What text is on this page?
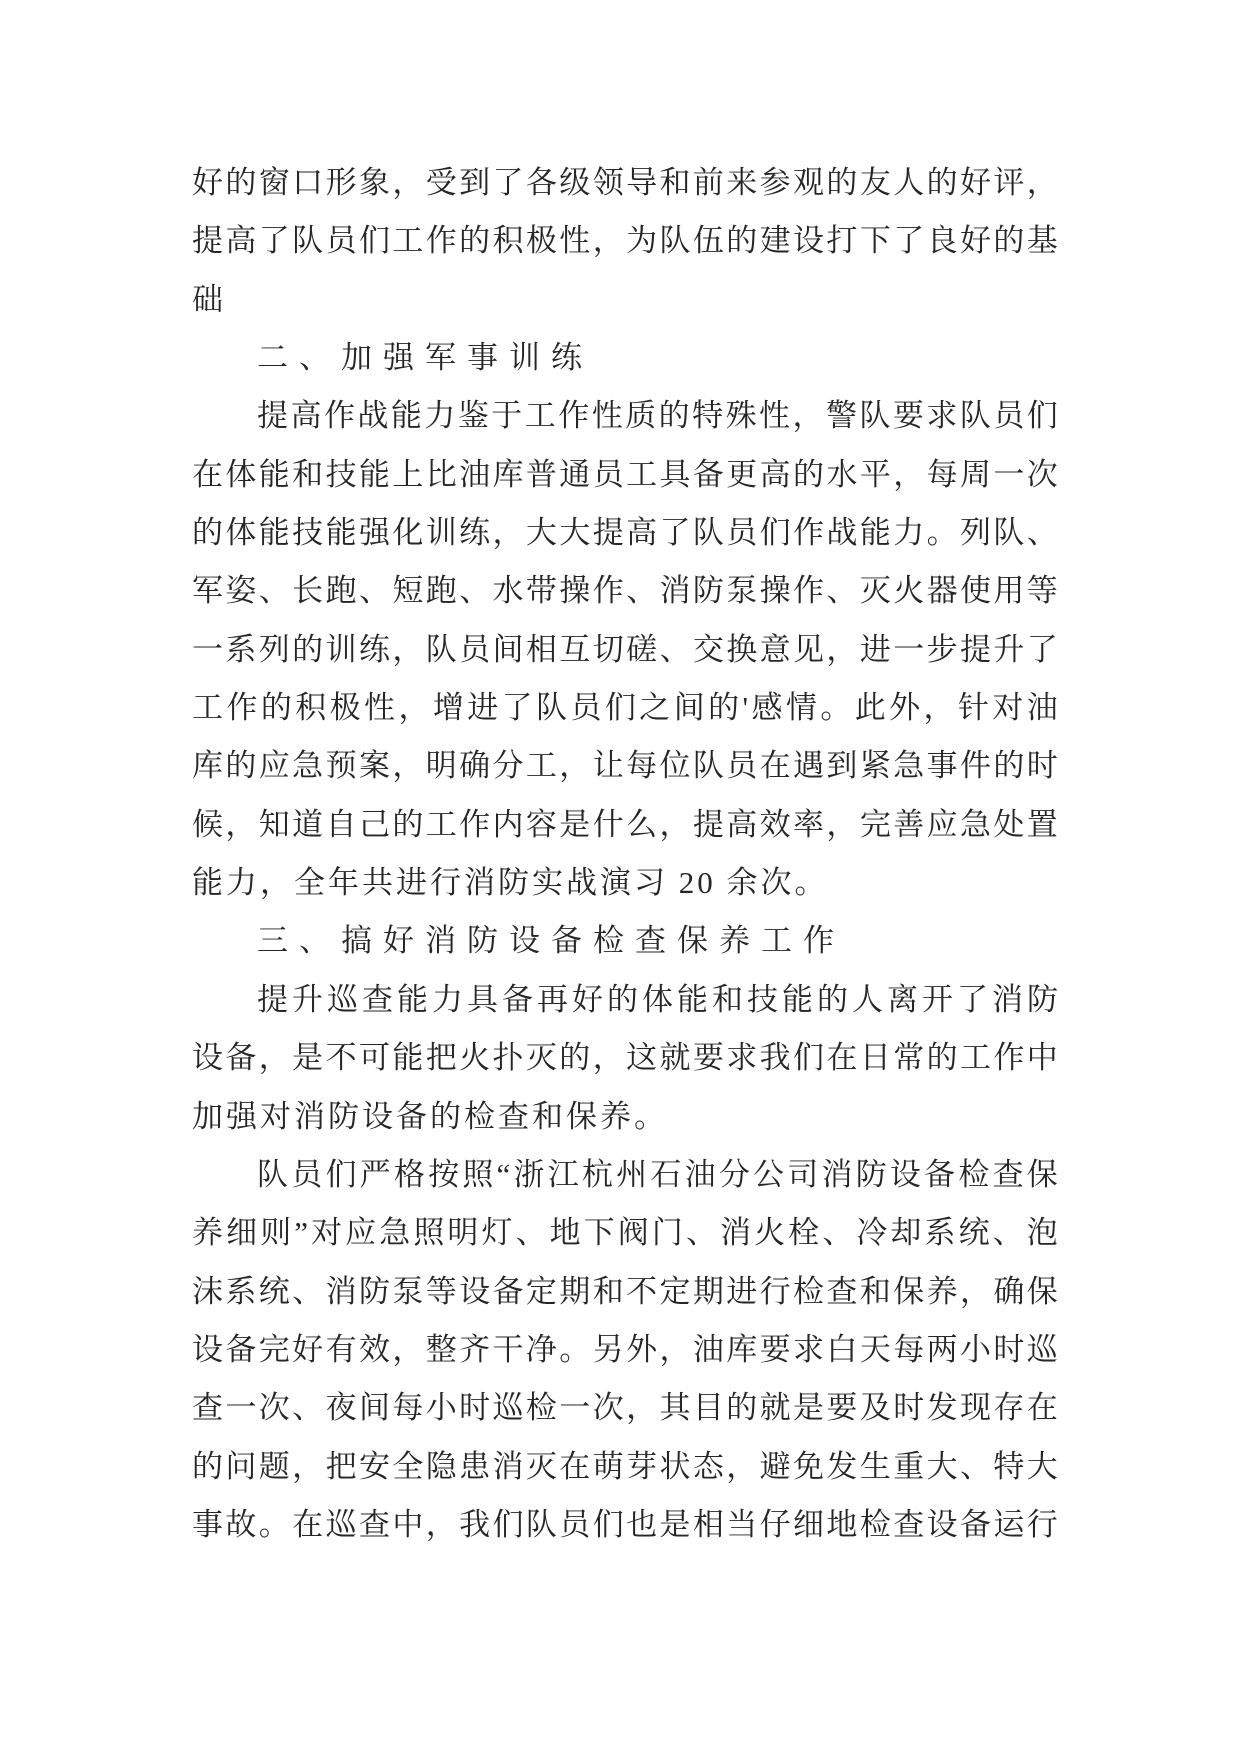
好 的 窗 口 形 象 ， 受 到 了 各 级 领 导 和 前 来 参 观 的 友 人 的 好 评 ，
提 高 了 队 员 们 工 作 的 积 极 性 ， 为 队 伍 的 建 设 打 下 了 良 好 的 基
础
二、加强军事训练
提 高 作 战 能 力 鉴 于 工 作 性 质 的 特 殊 性 ， 警 队 要 求 队 员 们
在 体 能 和 技 能 上 比 油 库 普 通 员 工 具 备 更 高 的 水 平 ， 每 周 一 次
的 体 能 技 能 强 化 训 练 ， 大 大 提 高 了 队 员 们 作 战 能 力 。 列 队 、
军 姿 、 长 跑 、 短 跑 、 水 带 操 作 、 消 防 泵 操 作 、 灭 火 器 使 用 等
一 系 列 的 训 练 ， 队 员 间 相 互 切 磋 、 交 换 意 见 ， 进 一 步 提 升 了
工 作 的 积 极 性 ， 增 进 了 队 员 们 之 间 的 ' 感 情 。 此 外 ， 针 对 油
库 的 应 急 预 案 ， 明 确 分 工 ， 让 每 位 队 员 在 遇 到 紧 急 事 件 的 时
候 ， 知 道 自 己 的 工 作 内 容 是 什 么 ， 提 高 效 率 ， 完 善 应 急 处 置
能力，全年共进行消防实战演习 20 余次。
三、搞好消防设备检查保养工作
提 升 巡 查 能 力 具 备 再 好 的 体 能 和 技 能 的 人 离 开 了 消 防
设 备 ， 是 不 可 能 把 火 扑 灭 的 ， 这 就 要 求 我 们 在 日 常 的 工 作 中
加强对消防设备的检查和保养。
队 员 们 严 格 按 照 “ 浙 江 杭 州 石 油 分 公 司 消 防 设 备 检 查 保
养 细 则 ” 对 应 急 照 明 灯 、 地 下 阀 门 、 消 火 栓 、 冷 却 系 统 、 泡
沫 系 统 、 消 防 泵 等 设 备 定 期 和 不 定 期 进 行 检 查 和 保 养 ， 确 保
设 备 完 好 有 效 ， 整 齐 干 净 。 另 外 ， 油 库 要 求 白 天 每 两 小 时 巡
查 一 次 、 夜 间 每 小 时 巡 检 一 次 ， 其 目 的 就 是 要 及 时 发 现 存 在
的 问 题 ， 把 安 全 隐 患 消 灭 在 萌 芽 状 态 ， 避 免 发 生 重 大 、 特 大
事 故 。 在 巡 查 中 ， 我 们 队 员 们 也 是 相 当 仔 细 地 检 查 设 备 运 行
